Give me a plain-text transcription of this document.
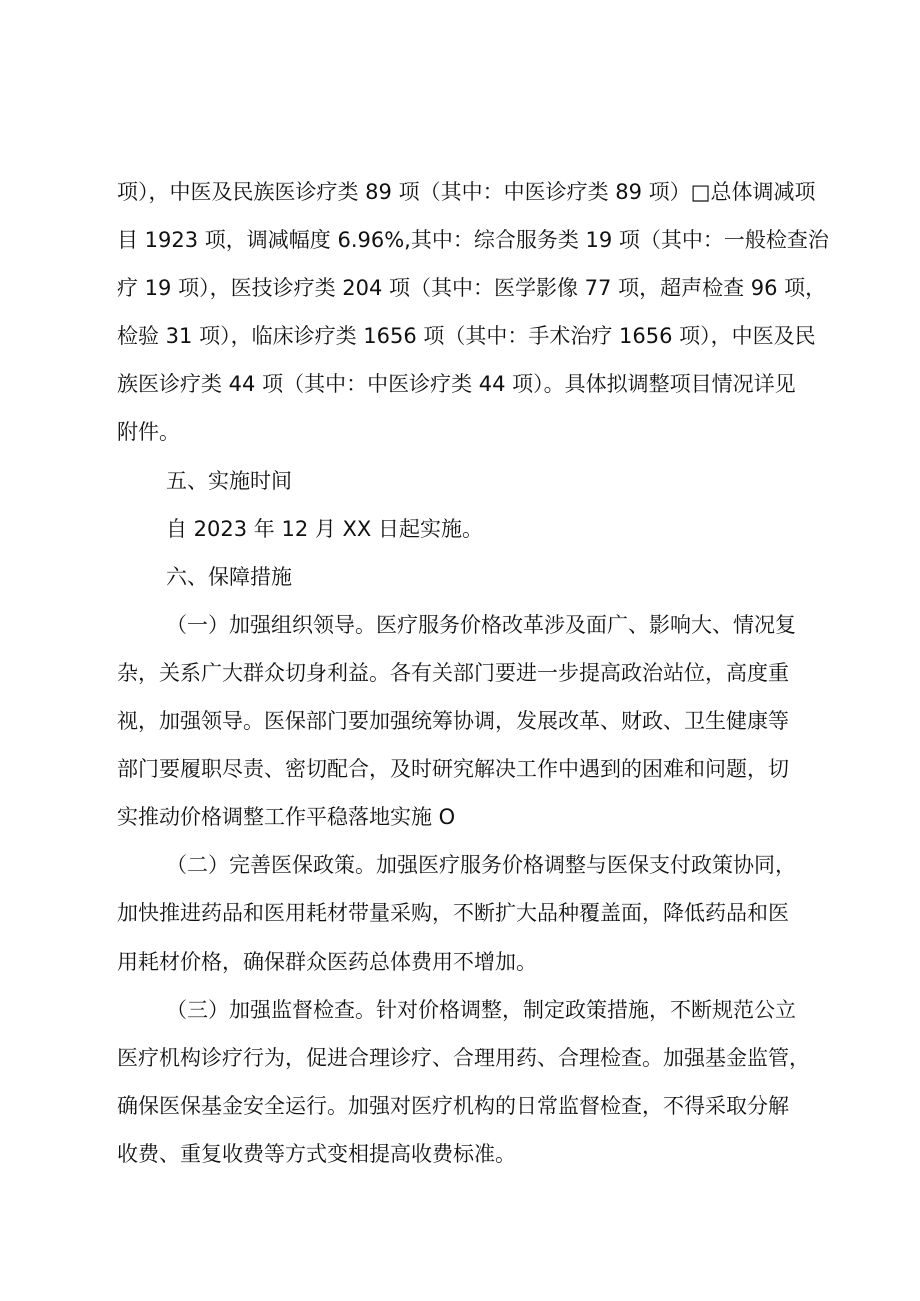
项），中医及民族医诊疗类 89 项（其中：中医诊疗类 89 项）□总体调减项
目 1923 项，调减幅度 6.96%,其中：综合服务类 19 项（其中：一般检查治
疗 19 项），医技诊疗类 204 项（其中：医学影像 77 项，超声检查 96 项，
检验 31 项），临床诊疗类 1656 项（其中：手术治疗 1656 项），中医及民
族医诊疗类 44 项（其中：中医诊疗类 44 项）。具体拟调整项目情况详见
附件。
五、实施时间
自 2023 年 12 月 XX 日起实施。
六、保障措施
（一）加强组织领导。医疗服务价格改革涉及面广、影响大、情况复
杂，关系广大群众切身利益。各有关部门要进一步提高政治站位，高度重
视，加强领导。医保部门要加强统筹协调，发展改革、财政、卫生健康等
部门要履职尽责、密切配合，及时研究解决工作中遇到的困难和问题，切
实推动价格调整工作平稳落地实施 O
（二）完善医保政策。加强医疗服务价格调整与医保支付政策协同，
加快推进药品和医用耗材带量采购，不断扩大品种覆盖面，降低药品和医
用耗材价格，确保群众医药总体费用不增加。
（三）加强监督检查。针对价格调整，制定政策措施，不断规范公立
医疗机构诊疗行为，促进合理诊疗、合理用药、合理检查。加强基金监管，
确保医保基金安全运行。加强对医疗机构的日常监督检查，不得采取分解
收费、重复收费等方式变相提高收费标准。
